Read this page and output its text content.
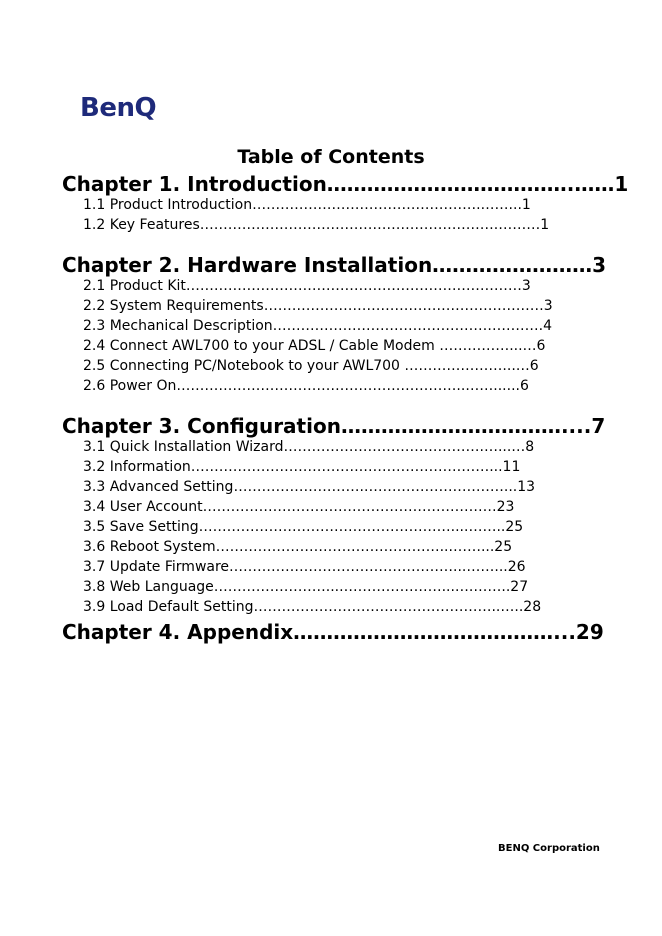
BenQ
Table of Contents
Chapter 1. Introduction……………………………….……1
1.1 Product Introduction………………………………………….……...1
1.2 Key Features……………………………………………………….………1
Chapter 2. Hardware Installation……………………3
2.1 Product Kit………………………………………………………………3
2.2 System Requirements……………………………………………………3
2.3 Mechanical Description………………………………………………….4
2.4 Connect AWL700 to your ADSL / Cable Modem ……………...…6
2.5 Connecting PC/Notebook to your AWL700 …………………...…6
2.6 Power On……………………………………………………..……......6
Chapter 3. Configuration……………………………....7
3.1 Quick Installation Wizard…………………………………….…...…8
3.2 Information……………………………….………………………...11
3.3 Advanced Setting……………………….…………………………...13
3.4 User Account………………………………………………………23
3.5 Save Setting………………………………………………....……..25
3.6 Reboot System…………………………………………...……...25
3.7 Update Firmware…………………………………………...……...26
3.8 Web Language……………………....…………………...….……..27
3.9 Load Default Setting……………………………………………..…..28
Chapter 4. Appendix…………………………………...29
BENQ Corporation
